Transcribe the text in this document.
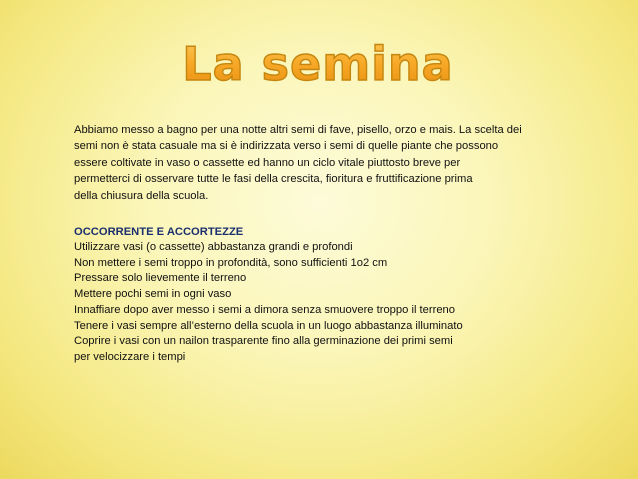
La semina

Abbiamo messo a bagno per una notte altri semi di fave, pisello, orzo e mais. La scelta dei
semi non è stata casuale ma si è indirizzata verso i semi di quelle piante che possono
essere coltivate in vaso o cassette ed hanno un ciclo vitale piuttosto breve per
permetterci di osservare tutte le fasi della crescita, fioritura e fruttificazione prima
della chiusura della scuola.

OCCORRENTE E ACCORTEZZE

Utilizzare vasi (o cassette) abbastanza grandi e profondi
Non mettere i semi troppo in profondità, sono sufficienti 1o2 cm
Pressare solo lievemente il terreno
Mettere pochi semi in ogni vaso
Innaffiare dopo aver messo i semi a dimora senza smuovere troppo il terreno
Tenere i vasi sempre all’esterno della scuola in un luogo abbastanza illuminato
Coprire i vasi con un nailon trasparente fino alla germinazione dei primi semi
per velocizzare i tempi
